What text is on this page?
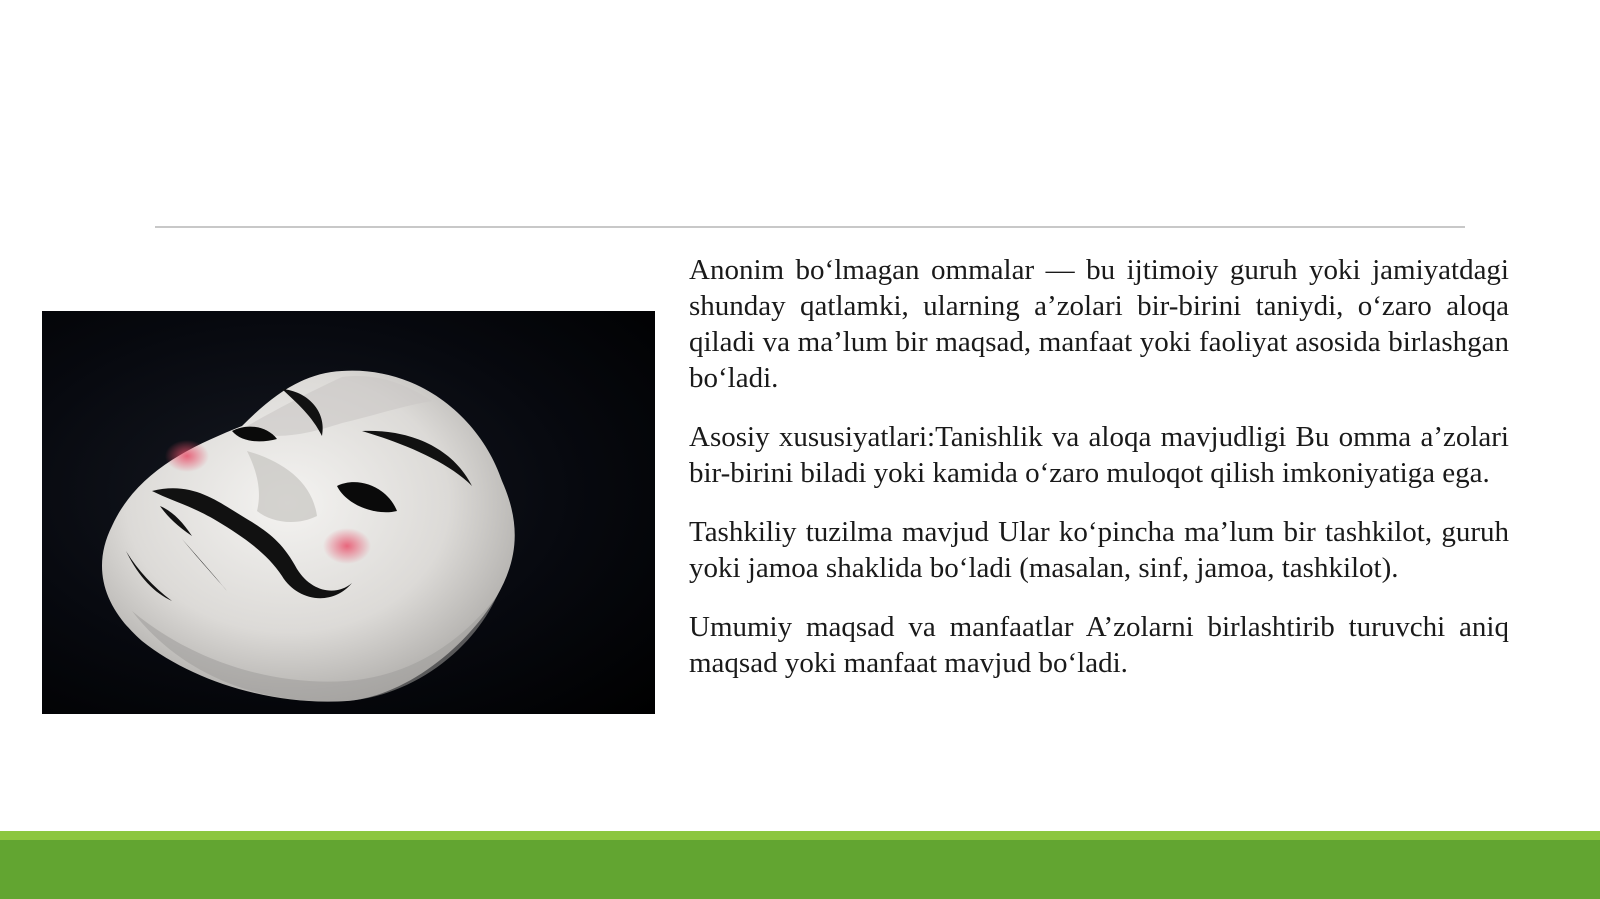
Anonim bo‘lmagan ommalar — bu ijtimoiy guruh yoki jamiyatdagi shunday qatlamki, ularning a’zolari bir-birini taniydi, o‘zaro aloqa qiladi va ma’lum bir maqsad, manfaat yoki faoliyat asosida birlashgan bo‘ladi.

Asosiy xususiyatlari:Tanishlik va aloqa mavjudligi Bu omma a’zolari bir-birini biladi yoki kamida o‘zaro muloqot qilish imkoniyatiga ega.

Tashkiliy tuzilma mavjud Ular ko‘pincha ma’lum bir tashkilot, guruh yoki jamoa shaklida bo‘ladi (masalan, sinf, jamoa, tashkilot).

Umumiy maqsad va manfaatlar A’zolarni birlashtirib turuvchi aniq maqsad yoki manfaat mavjud bo‘ladi.
